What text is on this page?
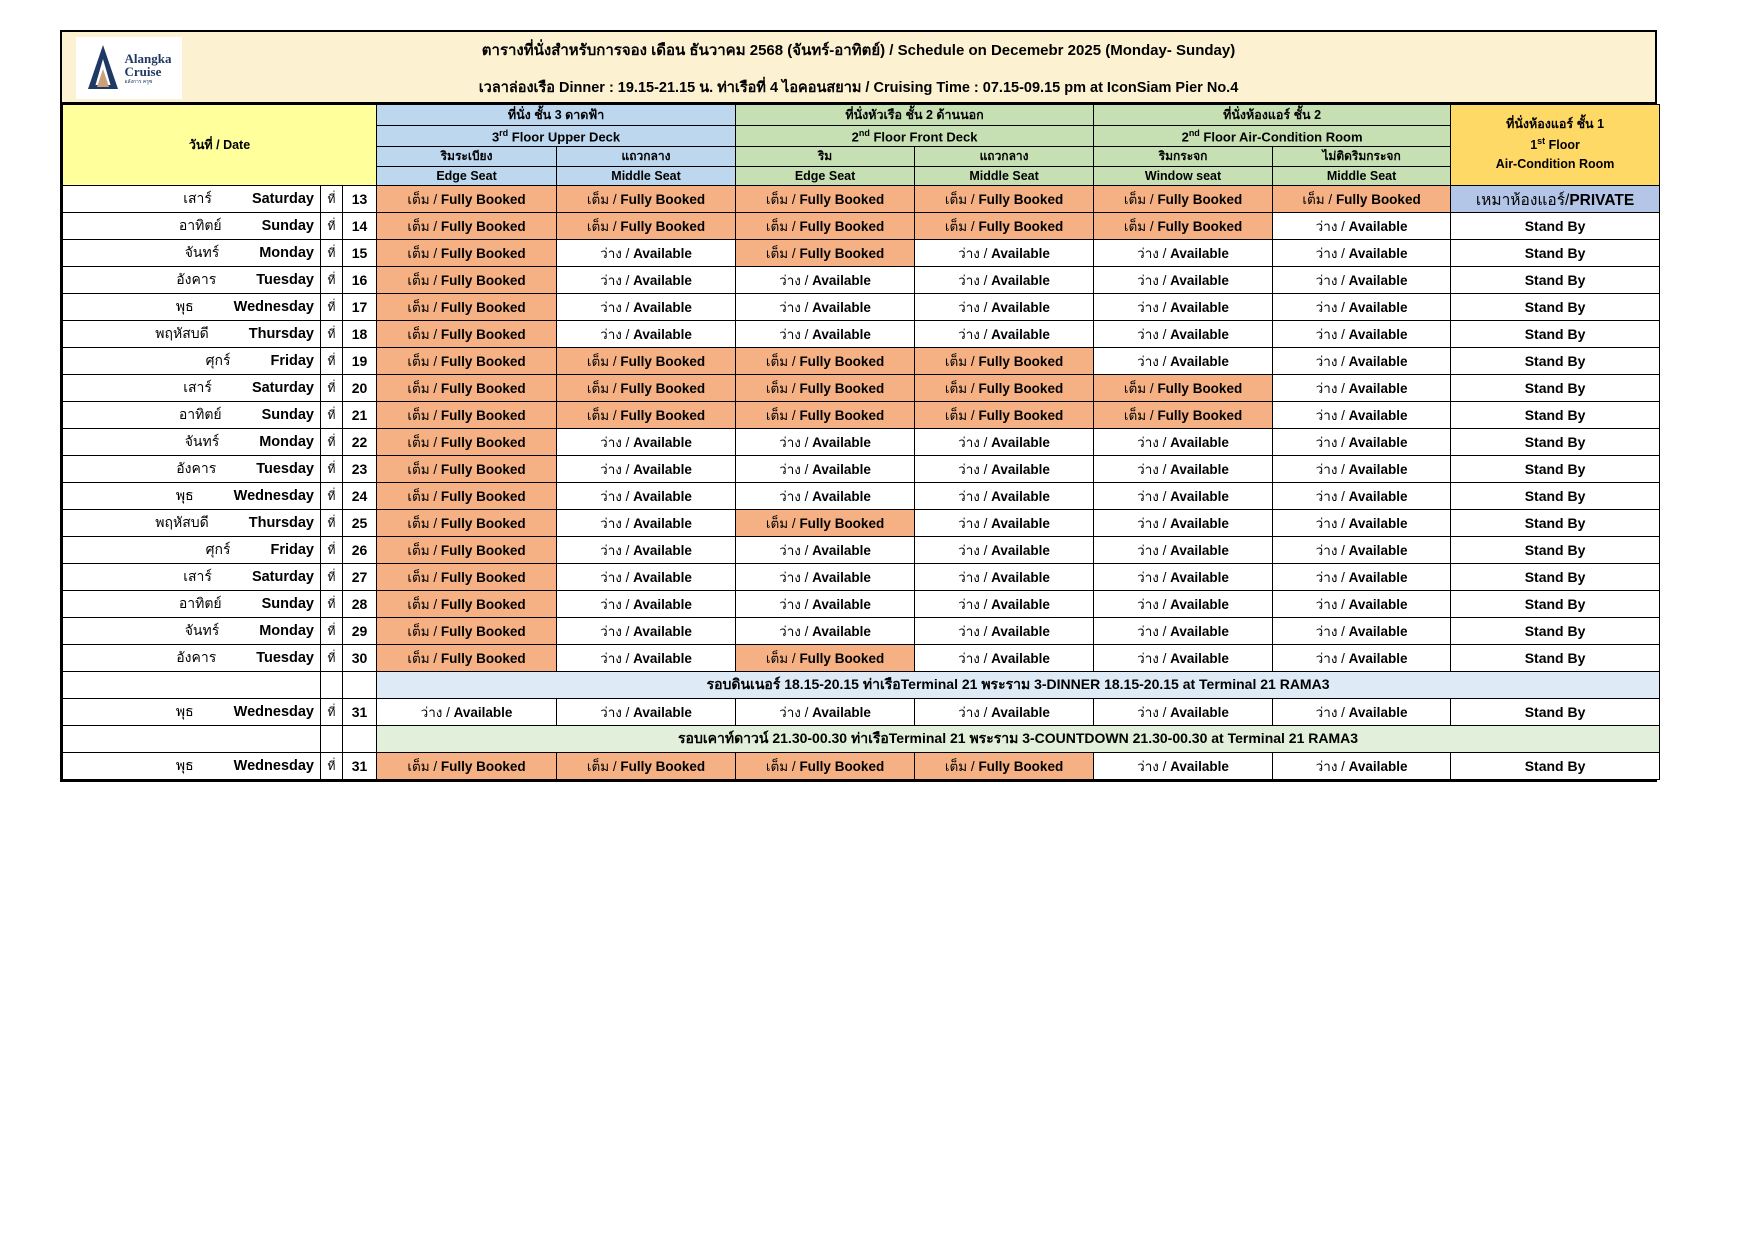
Alangka
Cruise
อลังการ ครูซ
ตารางที่นั่งสำหรับการจอง เดือน ธันวาคม 2568 (จันทร์-อาทิตย์) / Schedule on Decemebr 2025 (Monday- Sunday)
เวลาล่องเรือ Dinner : 19.15-21.15 น. ท่าเรือที่ 4 ไอคอนสยาม / Cruising Time : 07.15-09.15 pm at IconSiam Pier No.4
วันที่ / Date			ที่นั่ง ชั้น 3 ดาดฟ้า		ที่นั่งหัวเรือ ชั้น 2 ด้านนอก		ที่นั่งห้องแอร์ ชั้น 2		ที่นั่งห้องแอร์ ชั้น 1
1st Floor
Air-Condition Room

			3rd Floor Upper Deck		2nd Floor Front Deck		2nd Floor Air-Condition Room		
			ริมระเบียง	แถวกลาง	ริม	แถวกลาง	ริมกระจก	ไม่ติดริมกระจก	
			Edge Seat	Middle Seat	Edge Seat	Middle Seat	Window seat	Middle Seat	

เสาร์ Saturday	ที่	13	เต็ม / Fully Booked	เต็ม / Fully Booked	เต็ม / Fully Booked	เต็ม / Fully Booked	เต็ม / Fully Booked	เต็ม / Fully Booked	เหมาห้องแอร์/PRIVATE

อาทิตย์ Sunday	ที่	14	เต็ม / Fully Booked	เต็ม / Fully Booked	เต็ม / Fully Booked	เต็ม / Fully Booked	เต็ม / Fully Booked	ว่าง / Available	Stand By

จันทร์ Monday	ที่	15	เต็ม / Fully Booked	ว่าง / Available	เต็ม / Fully Booked	ว่าง / Available	ว่าง / Available	ว่าง / Available	Stand By

อังคาร Tuesday	ที่	16	เต็ม / Fully Booked	ว่าง / Available	ว่าง / Available	ว่าง / Available	ว่าง / Available	ว่าง / Available	Stand By

พุธ Wednesday	ที่	17	เต็ม / Fully Booked	ว่าง / Available	ว่าง / Available	ว่าง / Available	ว่าง / Available	ว่าง / Available	Stand By

พฤหัสบดี Thursday	ที่	18	เต็ม / Fully Booked	ว่าง / Available	ว่าง / Available	ว่าง / Available	ว่าง / Available	ว่าง / Available	Stand By

ศุกร์ Friday	ที่	19	เต็ม / Fully Booked	เต็ม / Fully Booked	เต็ม / Fully Booked	เต็ม / Fully Booked	ว่าง / Available	ว่าง / Available	Stand By

เสาร์ Saturday	ที่	20	เต็ม / Fully Booked	เต็ม / Fully Booked	เต็ม / Fully Booked	เต็ม / Fully Booked	เต็ม / Fully Booked	ว่าง / Available	Stand By

อาทิตย์ Sunday	ที่	21	เต็ม / Fully Booked	เต็ม / Fully Booked	เต็ม / Fully Booked	เต็ม / Fully Booked	เต็ม / Fully Booked	ว่าง / Available	Stand By

จันทร์ Monday	ที่	22	เต็ม / Fully Booked	ว่าง / Available	ว่าง / Available	ว่าง / Available	ว่าง / Available	ว่าง / Available	Stand By

อังคาร Tuesday	ที่	23	เต็ม / Fully Booked	ว่าง / Available	ว่าง / Available	ว่าง / Available	ว่าง / Available	ว่าง / Available	Stand By

พุธ Wednesday	ที่	24	เต็ม / Fully Booked	ว่าง / Available	ว่าง / Available	ว่าง / Available	ว่าง / Available	ว่าง / Available	Stand By

พฤหัสบดี Thursday	ที่	25	เต็ม / Fully Booked	ว่าง / Available	เต็ม / Fully Booked	ว่าง / Available	ว่าง / Available	ว่าง / Available	Stand By

ศุกร์ Friday	ที่	26	เต็ม / Fully Booked	ว่าง / Available	ว่าง / Available	ว่าง / Available	ว่าง / Available	ว่าง / Available	Stand By

เสาร์ Saturday	ที่	27	เต็ม / Fully Booked	ว่าง / Available	ว่าง / Available	ว่าง / Available	ว่าง / Available	ว่าง / Available	Stand By

อาทิตย์ Sunday	ที่	28	เต็ม / Fully Booked	ว่าง / Available	ว่าง / Available	ว่าง / Available	ว่าง / Available	ว่าง / Available	Stand By

จันทร์ Monday	ที่	29	เต็ม / Fully Booked	ว่าง / Available	ว่าง / Available	ว่าง / Available	ว่าง / Available	ว่าง / Available	Stand By

อังคาร Tuesday	ที่	30	เต็ม / Fully Booked	ว่าง / Available	เต็ม / Fully Booked	ว่าง / Available	ว่าง / Available	ว่าง / Available	Stand By
			รอบดินเนอร์ 18.15-20.15 ท่าเรือTerminal 21 พระราม 3-DINNER 18.15-20.15 at Terminal 21 RAMA3						

พุธ Wednesday	ที่	31	ว่าง / Available	ว่าง / Available	ว่าง / Available	ว่าง / Available	ว่าง / Available	ว่าง / Available	Stand By
			รอบเคาท์ดาวน์ 21.30-00.30 ท่าเรือTerminal 21 พระราม 3-COUNTDOWN 21.30-00.30 at Terminal 21 RAMA3						

พุธ Wednesday	ที่	31	เต็ม / Fully Booked	เต็ม / Fully Booked	เต็ม / Fully Booked	เต็ม / Fully Booked	ว่าง / Available	ว่าง / Available	Stand By
